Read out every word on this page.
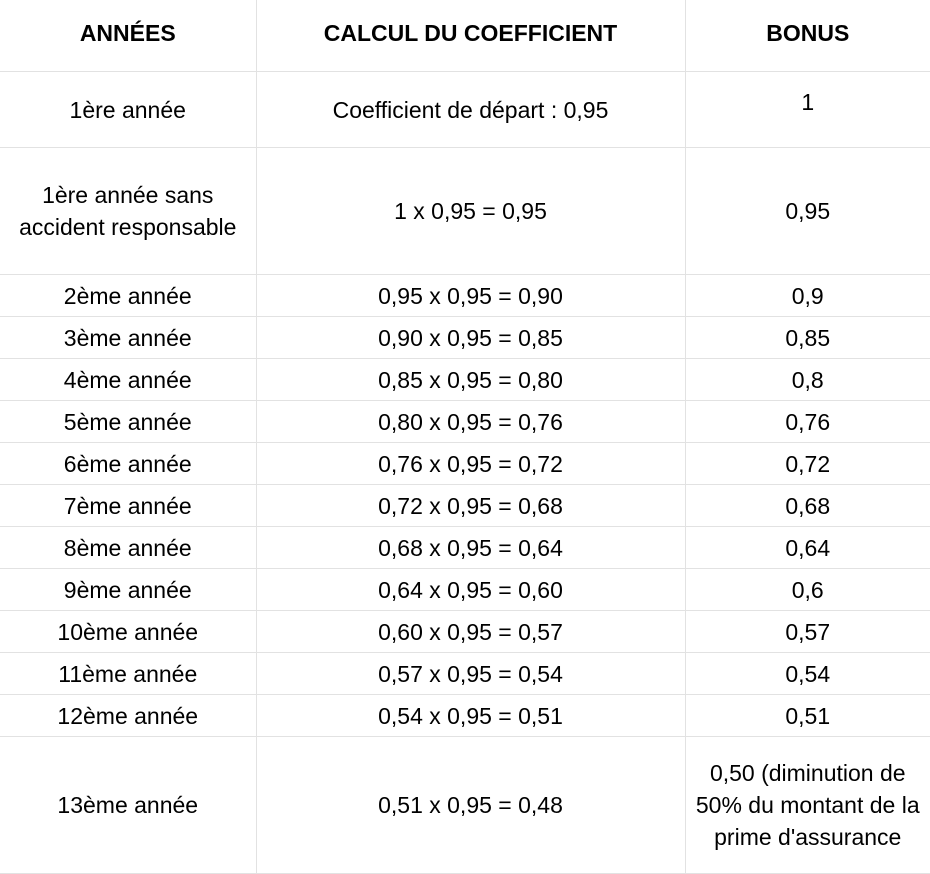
ANNÉES	CALCUL DU COEFFICIENT	BONUS
1ère année	Coefficient de départ : 0,95	1
1ère année sans accident responsable	1 x 0,95 = 0,95	0,95
2ème année	0,95 x 0,95 = 0,90	0,9
3ème année	0,90 x 0,95 = 0,85	0,85
4ème année	0,85 x 0,95 = 0,80	0,8
5ème année	0,80 x 0,95 = 0,76	0,76
6ème année	0,76 x 0,95 = 0,72	0,72
7ème année	0,72 x 0,95 = 0,68	0,68
8ème année	0,68 x 0,95 = 0,64	0,64
9ème année	0,64 x 0,95 = 0,60	0,6
10ème année	0,60 x 0,95 = 0,57	0,57
11ème année	0,57 x 0,95 = 0,54	0,54
12ème année	0,54 x 0,95 = 0,51	0,51
13ème année	0,51 x 0,95 = 0,48	0,50 (diminution de 50% du montant de la prime d'assurance
